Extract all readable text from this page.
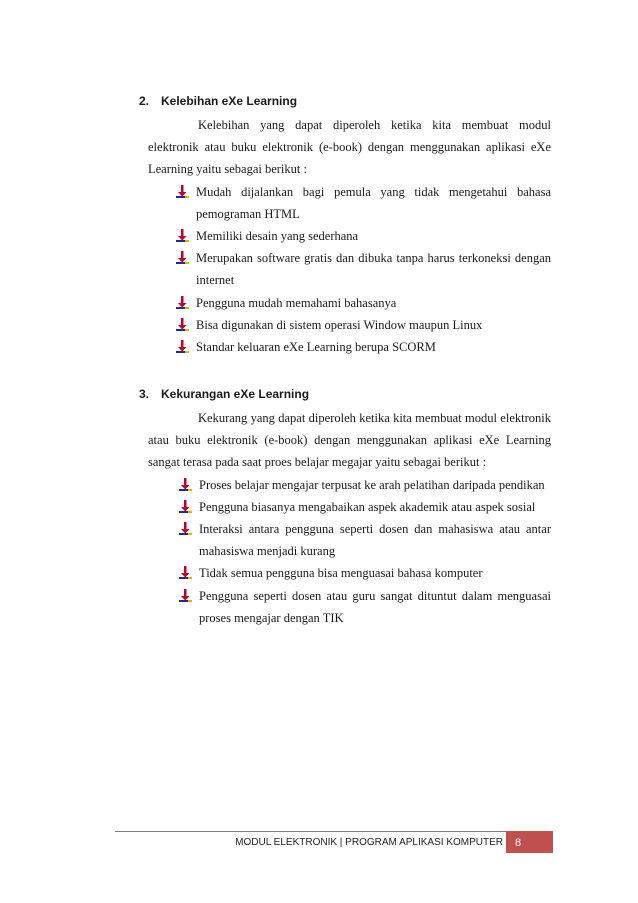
2. Kelebihan eXe Learning

Kelebihan yang dapat diperoleh ketika kita membuat modul elektronik atau buku elektronik (e-book) dengan menggunakan aplikasi eXe Learning yaitu sebagai berikut :

Mudah dijalankan bagi pemula yang tidak mengetahui bahasa pemograman HTML
Memiliki desain yang sederhana
Merupakan software gratis dan dibuka tanpa harus terkoneksi dengan internet
Pengguna mudah memahami bahasanya
Bisa digunakan di sistem operasi Window maupun Linux
Standar keluaran eXe Learning berupa SCORM
3. Kekurangan eXe Learning

Kekurang yang dapat diperoleh ketika kita membuat modul elektronik atau buku elektronik (e-book) dengan menggunakan aplikasi eXe Learning sangat terasa pada saat proes belajar megajar yaitu sebagai berikut :

Proses belajar mengajar terpusat ke arah pelatihan daripada pendikan
Pengguna biasanya mengabaikan aspek akademik atau aspek sosial
Interaksi antara pengguna seperti dosen dan mahasiswa atau antar mahasiswa menjadi kurang
Tidak semua pengguna bisa menguasai bahasa komputer
Pengguna seperti dosen atau guru sangat dituntut dalam menguasai proses mengajar dengan TIK
MODUL ELEKTRONIK | PROGRAM APLIKASI KOMPUTER	8
